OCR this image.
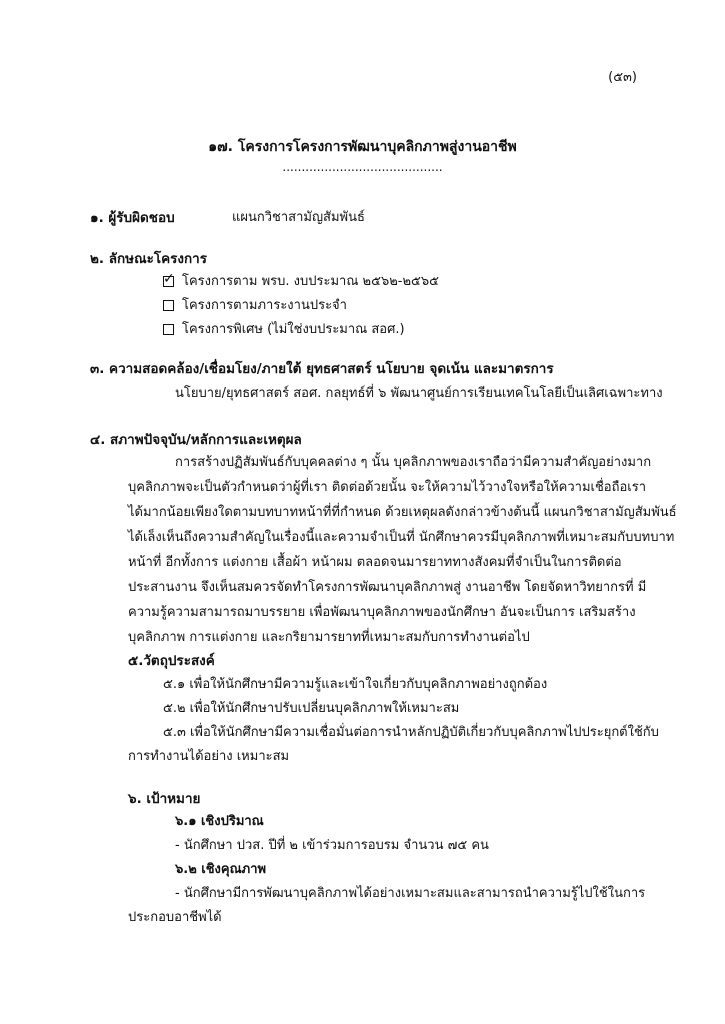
(๕๓)
๑๗. โครงการโครงการพัฒนาบุคลิกภาพสู่งานอาชีพ
..........................................
๑. ผู้รับผิดชอบ	แผนกวิชาสามัญสัมพันธ์
๒. ลักษณะโครงการ
✓โครงการตาม พรบ. งบประมาณ ๒๕๖๒-๒๕๖๕
โครงการตามภาระงานประจำ
โครงการพิเศษ (ไม่ใช่งบประมาณ สอศ.)
๓. ความสอดคล้อง/เชื่อมโยง/ภายใต้ ยุทธศาสตร์ นโยบาย จุดเน้น และมาตรการ
นโยบาย/ยุทธศาสตร์ สอศ. กลยุทธ์ที่ ๖ พัฒนาศูนย์การเรียนเทคโนโลยีเป็นเลิศเฉพาะทาง
๔. สภาพปัจจุบัน/หลักการและเหตุผล
การสร้างปฏิสัมพันธ์กับบุคคลต่าง ๆ นั้น บุคลิกภาพของเราถือว่ามีความสำคัญอย่างมาก
บุคลิกภาพจะเป็นตัวกำหนดว่าผู้ที่เรา ติดต่อด้วยนั้น จะให้ความไว้วางใจหรือให้ความเชื่อถือเรา
ได้มากน้อยเพียงใดตามบทบาทหน้าที่ที่กำหนด ด้วยเหตุผลดังกล่าวข้างต้นนี้ แผนกวิชาสามัญสัมพันธ์
ได้เล็งเห็นถึงความสำคัญในเรื่องนี้และความจำเป็นที่ นักศึกษาควรมีบุคลิกภาพที่เหมาะสมกับบทบาท
หน้าที่ อีกทั้งการ แต่งกาย เสื้อผ้า หน้าผม ตลอดจนมารยาททางสังคมที่จำเป็นในการติดต่อ
ประสานงาน จึงเห็นสมควรจัดทำโครงการพัฒนาบุคลิกภาพสู่ งานอาชีพ โดยจัดหาวิทยากรที่ มี
ความรู้ความสามารถมาบรรยาย เพื่อพัฒนาบุคลิกภาพของนักศึกษา อันจะเป็นการ เสริมสร้าง
บุคลิกภาพ การแต่งกาย และกริยามารยาทที่เหมาะสมกับการทำงานต่อไป
๕.วัตถุประสงค์
๕.๑ เพื่อให้นักศึกษามีความรู้และเข้าใจเกี่ยวกับบุคลิกภาพอย่างถูกต้อง
๕.๒ เพื่อให้นักศึกษาปรับเปลี่ยนบุคลิกภาพให้เหมาะสม
๕.๓ เพื่อให้นักศึกษามีความเชื่อมั่นต่อการนำหลักปฏิบัติเกี่ยวกับบุคลิกภาพไปประยุกต์ใช้กับ
การทำงานได้อย่าง เหมาะสม
๖. เป้าหมาย
๖.๑ เชิงปริมาณ
- นักศึกษา ปวส. ปีที่ ๒ เข้าร่วมการอบรม จำนวน ๗๕ คน
๖.๒ เชิงคุณภาพ
- นักศึกษามีการพัฒนาบุคลิกภาพได้อย่างเหมาะสมและสามารถนำความรู้ไปใช้ในการ
ประกอบอาชีพได้
